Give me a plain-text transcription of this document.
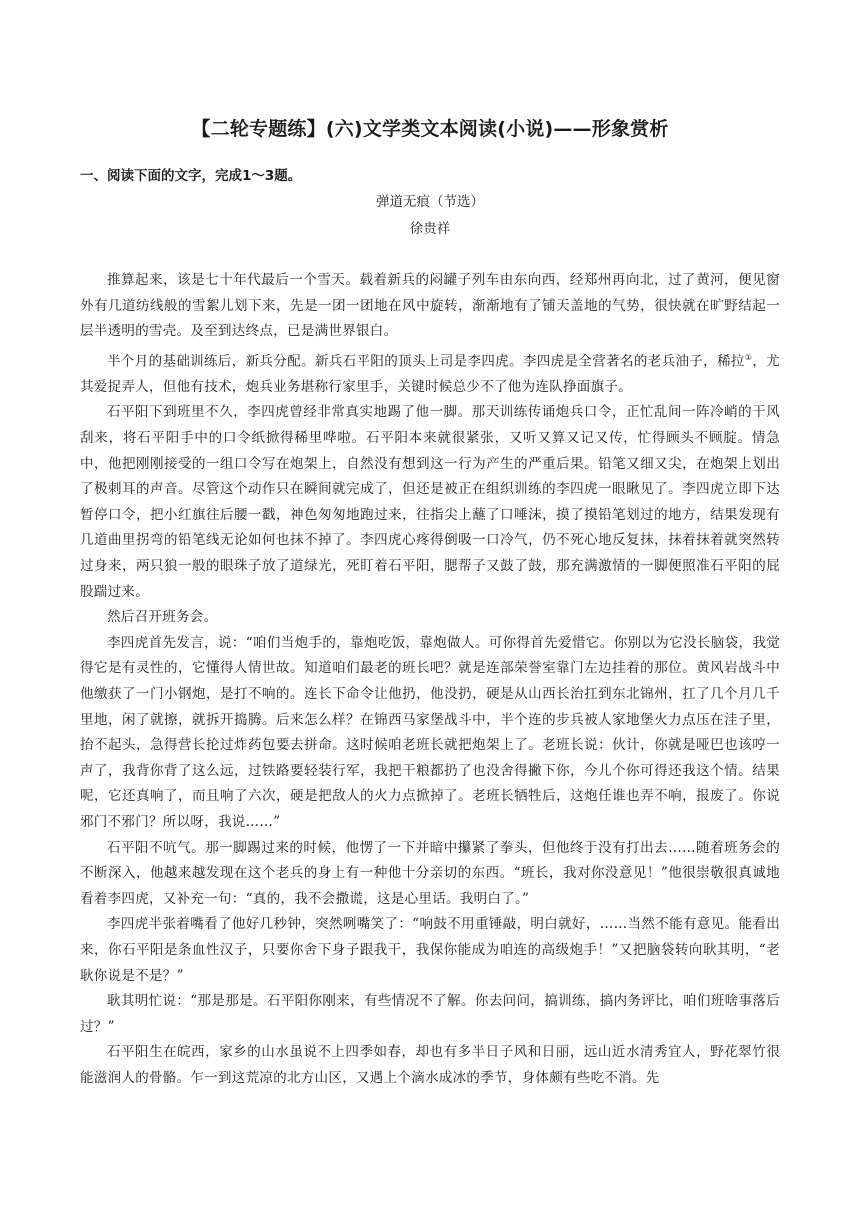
【二轮专题练】(六)文学类文本阅读(小说)——形象赏析
一、阅读下面的文字，完成1～3题。
弹道无痕（节选）
徐贵祥

推算起来，该是七十年代最后一个雪天。载着新兵的闷罐子列车由东向西，经郑州再向北，过了黄河，便见窗外有几道纺线般的雪絮儿划下来，先是一团一团地在风中旋转，渐渐地有了铺天盖地的气势，很快就在旷野结起一层半透明的雪壳。及至到达终点，已是满世界银白。

半个月的基础训练后，新兵分配。新兵石平阳的顶头上司是李四虎。李四虎是全营著名的老兵油子，稀拉①，尤其爱捉弄人，但他有技术，炮兵业务堪称行家里手，关键时候总少不了他为连队挣面旗子。

石平阳下到班里不久，李四虎曾经非常真实地踢了他一脚。那天训练传诵炮兵口令，正忙乱间一阵冷峭的干风刮来，将石平阳手中的口令纸掀得稀里哗啦。石平阳本来就很紧张，又听又算又记又传，忙得顾头不顾腚。情急中，他把刚刚接受的一组口令写在炮架上，自然没有想到这一行为产生的严重后果。铅笔又细又尖，在炮架上划出了极刺耳的声音。尽管这个动作只在瞬间就完成了，但还是被正在组织训练的李四虎一眼瞅见了。李四虎立即下达暂停口令，把小红旗往后腰一戳，神色匆匆地跑过来，往指尖上蘸了口唾沫，摸了摸铅笔划过的地方，结果发现有几道曲里拐弯的铅笔线无论如何也抹不掉了。李四虎心疼得倒吸一口冷气，仍不死心地反复抹，抹着抹着就突然转过身来，两只狼一般的眼珠子放了道绿光，死盯着石平阳，腮帮子又鼓了鼓，那充满激情的一脚便照准石平阳的屁股踹过来。

然后召开班务会。

李四虎首先发言，说：“咱们当炮手的，靠炮吃饭，靠炮做人。可你得首先爱惜它。你别以为它没长脑袋，我觉得它是有灵性的，它懂得人情世故。知道咱们最老的班长吧？就是连部荣誉室靠门左边挂着的那位。黄风岩战斗中他缴获了一门小钢炮，是打不响的。连长下命令让他扔，他没扔，硬是从山西长治扛到东北锦州，扛了几个月几千里地，闲了就擦，就拆开捣腾。后来怎么样？在锦西马家堡战斗中，半个连的步兵被人家地堡火力点压在洼子里，抬不起头，急得营长抡过炸药包要去拼命。这时候咱老班长就把炮架上了。老班长说：伙计，你就是哑巴也该哼一声了，我背你背了这么远，过铁路要轻装行军，我把干粮都扔了也没舍得撇下你，今儿个你可得还我这个情。结果呢，它还真响了，而且响了六次，硬是把敌人的火力点掀掉了。老班长牺牲后，这炮任谁也弄不响，报废了。你说邪门不邪门？所以呀，我说……”

石平阳不吭气。那一脚踢过来的时候，他愣了一下并暗中攥紧了拳头，但他终于没有打出去……随着班务会的不断深入，他越来越发现在这个老兵的身上有一种他十分亲切的东西。“班长，我对你没意见！”他很崇敬很真诚地看着李四虎，又补充一句：“真的，我不会撒谎，这是心里话。我明白了。”

李四虎半张着嘴看了他好几秒钟，突然咧嘴笑了：“响鼓不用重锤敲，明白就好，……当然不能有意见。能看出来，你石平阳是条血性汉子，只要你舍下身子跟我干，我保你能成为咱连的高级炮手！”又把脑袋转向耿其明，“老耿你说是不是？”

耿其明忙说：“那是那是。石平阳你刚来，有些情况不了解。你去问问，搞训练，搞内务评比，咱们班啥事落后过？”

石平阳生在皖西，家乡的山水虽说不上四季如春，却也有多半日子风和日丽，远山近水清秀宜人，野花翠竹很能滋润人的骨骼。乍一到这荒凉的北方山区，又遇上个滴水成冰的季节，身体颇有些吃不消。先
